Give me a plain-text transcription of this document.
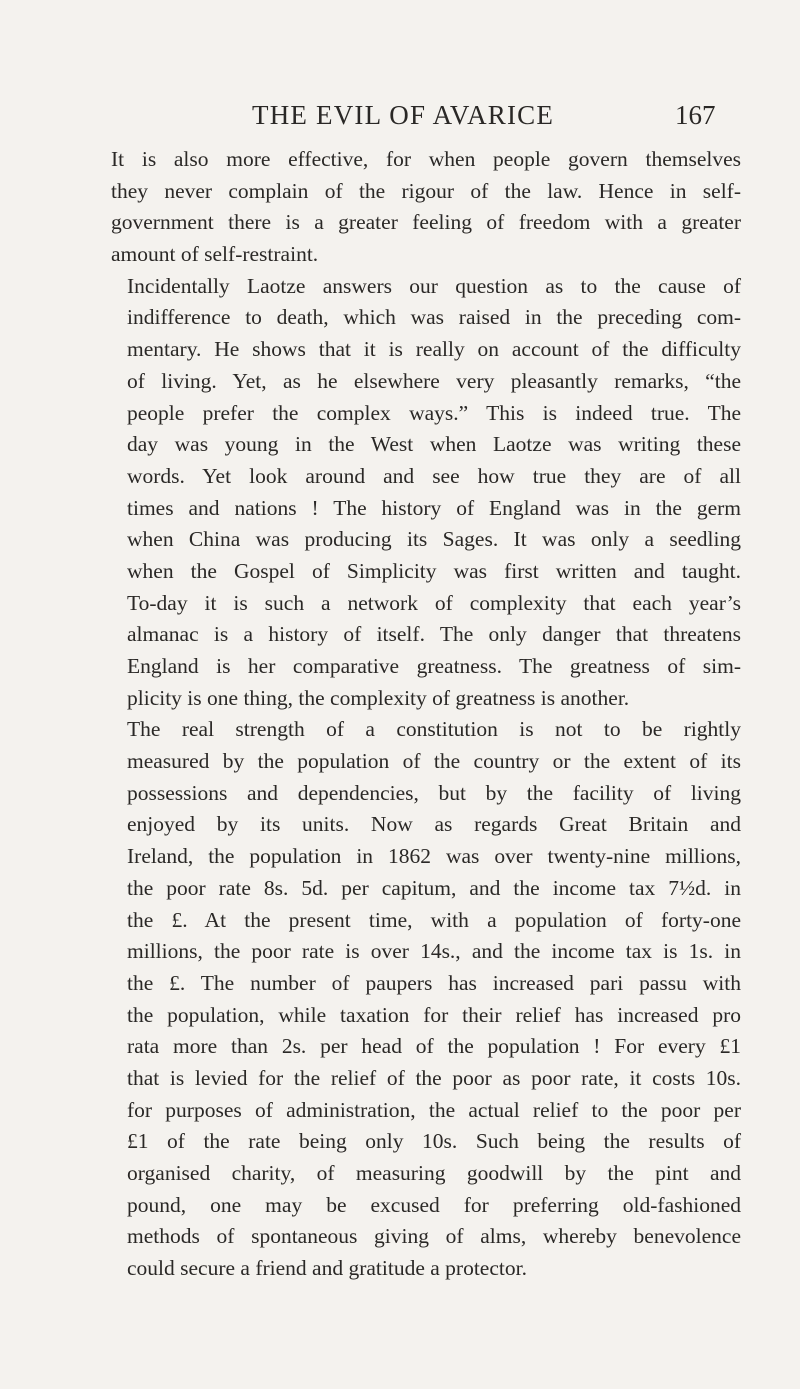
THE EVIL OF AVARICE	167

It is also more effective, for when people govern themselves
they never complain of the rigour of the law. Hence in self-
government there is a greater feeling of freedom with a greater
amount of self-restraint.

Incidentally Laotze answers our question as to the cause of
indifference to death, which was raised in the preceding com-
mentary. He shows that it is really on account of the difficulty
of living. Yet, as he elsewhere very pleasantly remarks, “the
people prefer the complex ways.” This is indeed true. The
day was young in the West when Laotze was writing these
words. Yet look around and see how true they are of all
times and nations ! The history of England was in the germ
when China was producing its Sages. It was only a seedling
when the Gospel of Simplicity was first written and taught.
To-day it is such a network of complexity that each year’s
almanac is a history of itself. The only danger that threatens
England is her comparative greatness. The greatness of sim-
plicity is one thing, the complexity of greatness is another.

The real strength of a constitution is not to be rightly
measured by the population of the country or the extent of its
possessions and dependencies, but by the facility of living
enjoyed by its units. Now as regards Great Britain and
Ireland, the population in 1862 was over twenty-nine millions,
the poor rate 8s. 5d. per capitum, and the income tax 7½d. in
the £. At the present time, with a population of forty-one
millions, the poor rate is over 14s., and the income tax is 1s. in
the £. The number of paupers has increased pari passu with
the population, while taxation for their relief has increased pro
rata more than 2s. per head of the population ! For every £1
that is levied for the relief of the poor as poor rate, it costs 10s.
for purposes of administration, the actual relief to the poor per
£1 of the rate being only 10s. Such being the results of
organised charity, of measuring goodwill by the pint and
pound, one may be excused for preferring old-fashioned
methods of spontaneous giving of alms, whereby benevolence
could secure a friend and gratitude a protector.
